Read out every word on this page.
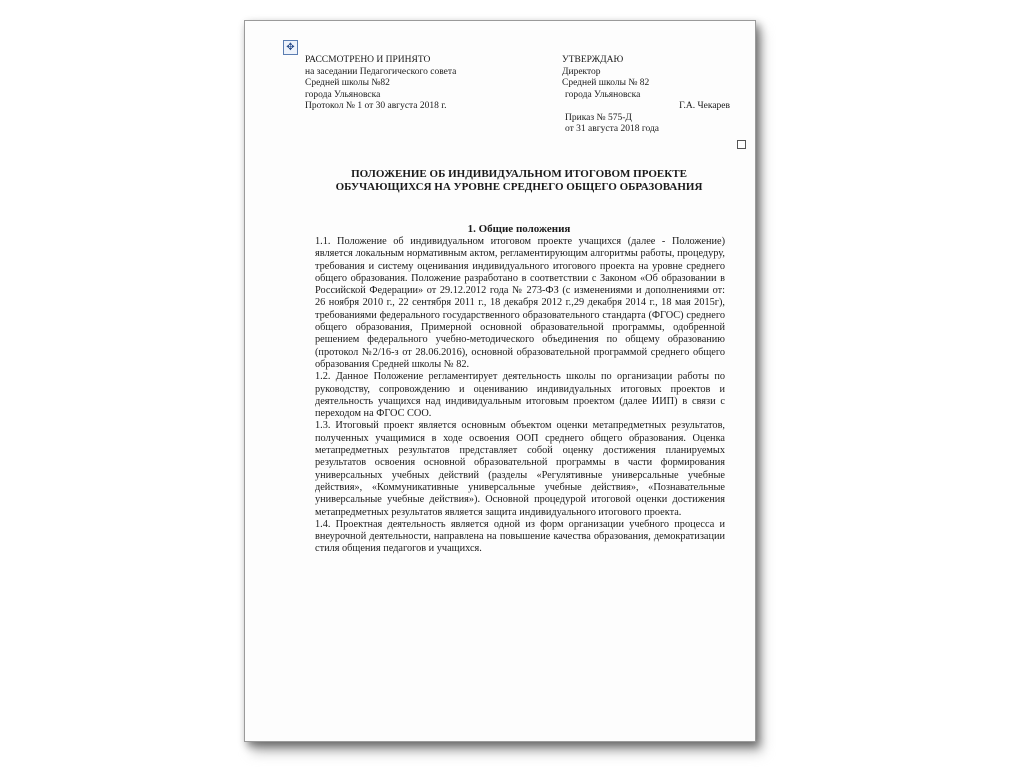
✥
РАССМОТРЕНО И ПРИНЯТО
на заседании Педагогического совета
Средней школы №82
города Ульяновска
Протокол № 1 от 30 августа 2018 г.
УТВЕРЖДАЮ
Директор
Средней школы № 82
города Ульяновска
Г.А. Чекарев
Приказ № 575-Д
от 31 августа 2018 года
ПОЛОЖЕНИЕ ОБ ИНДИВИДУАЛЬНОМ ИТОГОВОМ ПРОЕКТЕ ОБУЧАЮЩИХСЯ НА УРОВНЕ СРЕДНЕГО ОБЩЕГО ОБРАЗОВАНИЯ
1. Общие положения

1.1. Положение об индивидуальном итоговом проекте учащихся (далее - Положение) является локальным нормативным актом, регламентирующим алгоритмы работы, процедуру, требования и систему оценивания индивидуального итогового проекта на уровне среднего общего образования. Положение разработано в соответствии с Законом «Об образовании в Российской Федерации» от 29.12.2012 года № 273-ФЗ (с изменениями и дополнениями от: 26 ноября 2010 г., 22 сентября 2011 г., 18 декабря 2012 г.,29 декабря 2014 г., 18 мая 2015г), требованиями федерального государственного образовательного стандарта (ФГОС) среднего общего образования, Примерной основной образовательной программы, одобренной решением федерального учебно-методического объединения по общему образованию (протокол №2/16-з от 28.06.2016), основной образовательной программой среднего общего образования Средней школы № 82.

1.2. Данное Положение регламентирует деятельность школы по организации работы по руководству, сопровождению и оцениванию индивидуальных итоговых проектов и деятельность учащихся над индивидуальным итоговым проектом (далее ИИП) в связи с переходом на ФГОС СОО.

1.3. Итоговый проект является основным объектом оценки метапредметных результатов, полученных учащимися в ходе освоения ООП среднего общего образования. Оценка метапредметных результатов представляет собой оценку достижения планируемых результатов освоения основной образовательной программы в части формирования универсальных учебных действий (разделы «Регулятивные универсальные учебные действия», «Коммуникативные универсальные учебные действия», «Познавательные универсальные учебные действия»). Основной процедурой итоговой оценки достижения метапредметных результатов является защита индивидуального итогового проекта.

1.4. Проектная деятельность является одной из форм организации учебного процесса и внеурочной деятельности, направлена на повышение качества образования, демократизации стиля общения педагогов и учащихся.
